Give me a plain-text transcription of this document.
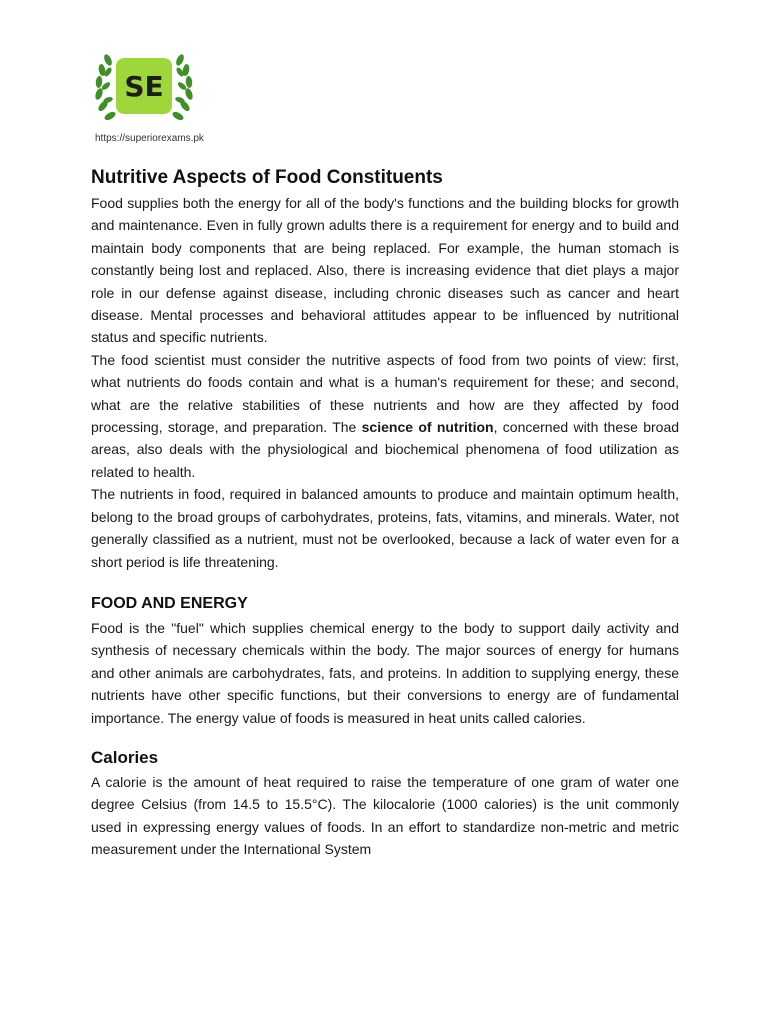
SE
https://superiorexams.pk
Nutritive Aspects of Food Constituents

Food supplies both the energy for all of the body's functions and the building blocks for growth and maintenance. Even in fully grown adults there is a requirement for energy and to build and maintain body components that are being replaced. For example, the human stomach is constantly being lost and replaced. Also, there is increasing evidence that diet plays a major role in our defense against disease, including chronic diseases such as cancer and heart disease. Mental processes and behavioral attitudes appear to be influenced by nutritional status and specific nutrients.

The food scientist must consider the nutritive aspects of food from two points of view: first, what nutrients do foods contain and what is a human's requirement for these; and second, what are the relative stabilities of these nutrients and how are they affected by food processing, storage, and preparation. The science of nutrition, concerned with these broad areas, also deals with the physiological and biochemical phenomena of food utilization as related to health.

The nutrients in food, required in balanced amounts to produce and maintain optimum health, belong to the broad groups of carbohydrates, proteins, fats, vitamins, and minerals. Water, not generally classified as a nutrient, must not be overlooked, because a lack of water even for a short period is life threatening.

FOOD AND ENERGY

Food is the "fuel" which supplies chemical energy to the body to support daily activity and synthesis of necessary chemicals within the body. The major sources of energy for humans and other animals are carbohydrates, fats, and proteins. In addition to supplying energy, these nutrients have other specific functions, but their conversions to energy are of fundamental importance. The energy value of foods is measured in heat units called calories.

Calories

A calorie is the amount of heat required to raise the temperature of one gram of water one degree Celsius (from 14.5 to 15.5°C). The kilocalorie (1000 calories) is the unit commonly used in expressing energy values of foods. In an effort to standardize non-metric and metric measurement under the International System
